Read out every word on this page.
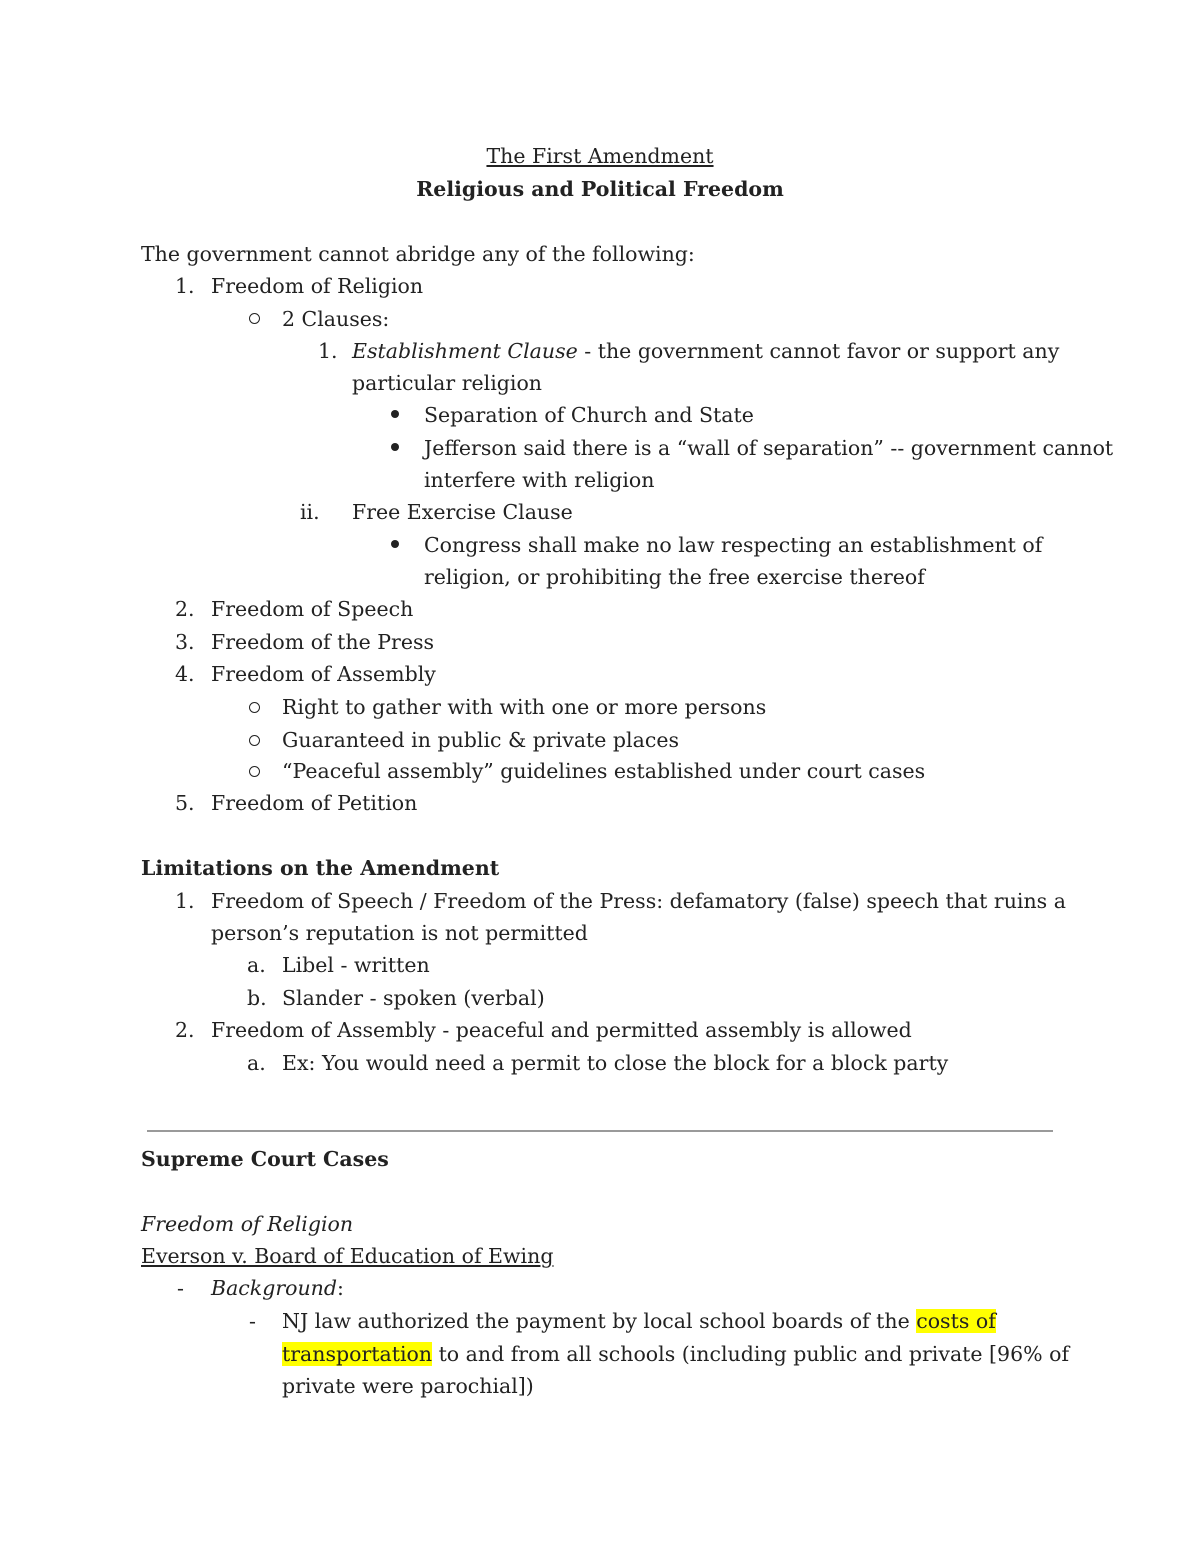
The First Amendment
Religious and Political Freedom
The government cannot abridge any of the following:
1. Freedom of Religion
2 Clauses:
1. Establishment Clause - the government cannot favor or support any
particular religion
Separation of Church and State
Jefferson said there is a “wall of separation” -- government cannot
interfere with religion
ii. Free Exercise Clause
Congress shall make no law respecting an establishment of
religion, or prohibiting the free exercise thereof
2. Freedom of Speech
3. Freedom of the Press
4. Freedom of Assembly
Right to gather with with one or more persons
Guaranteed in public & private places
“Peaceful assembly” guidelines established under court cases
5. Freedom of Petition
Limitations on the Amendment
1. Freedom of Speech / Freedom of the Press: defamatory (false) speech that ruins a
person’s reputation is not permitted
a. Libel - written
b. Slander - spoken (verbal)
2. Freedom of Assembly - peaceful and permitted assembly is allowed
a. Ex: You would need a permit to close the block for a block party
Supreme Court Cases
Freedom of Religion
Everson v. Board of Education of Ewing
- Background:
- NJ law authorized the payment by local school boards of the costs of
transportation to and from all schools (including public and private [96% of
private were parochial])
